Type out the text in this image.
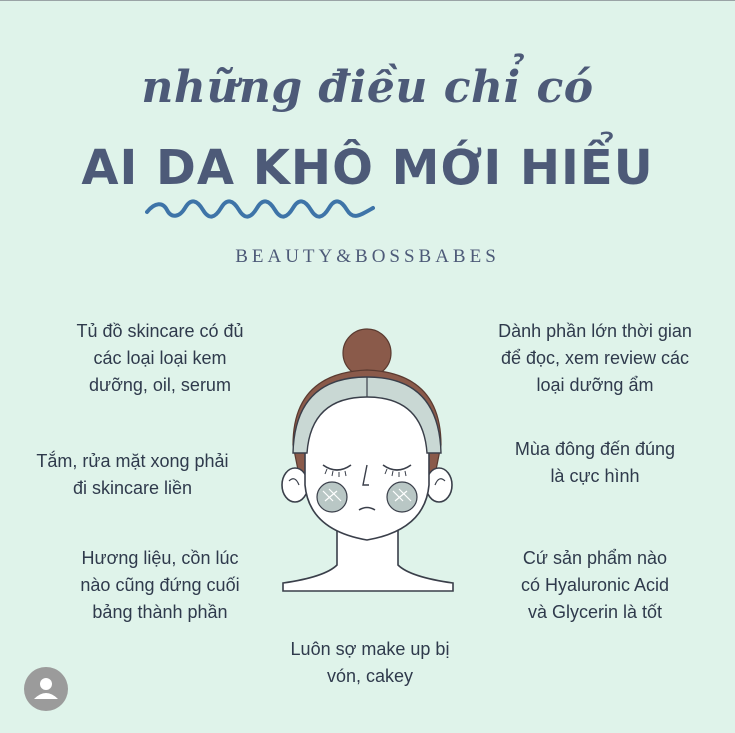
những điều chỉ có
AI DA KHÔ MỚI HIỂU
BEAUTY&BOSSBABES
Tủ đồ skincare có đủ
các loại loại kem
dưỡng, oil, serum
Tắm, rửa mặt xong phải
đi skincare liền
Hương liệu, cồn lúc
nào cũng đứng cuối
bảng thành phần
Dành phần lớn thời gian
để đọc, xem review các
loại dưỡng ẩm
Mùa đông đến đúng
là cực hình
Cứ sản phẩm nào
có Hyaluronic Acid
và Glycerin là tốt
Luôn sợ make up bị
vón, cakey
